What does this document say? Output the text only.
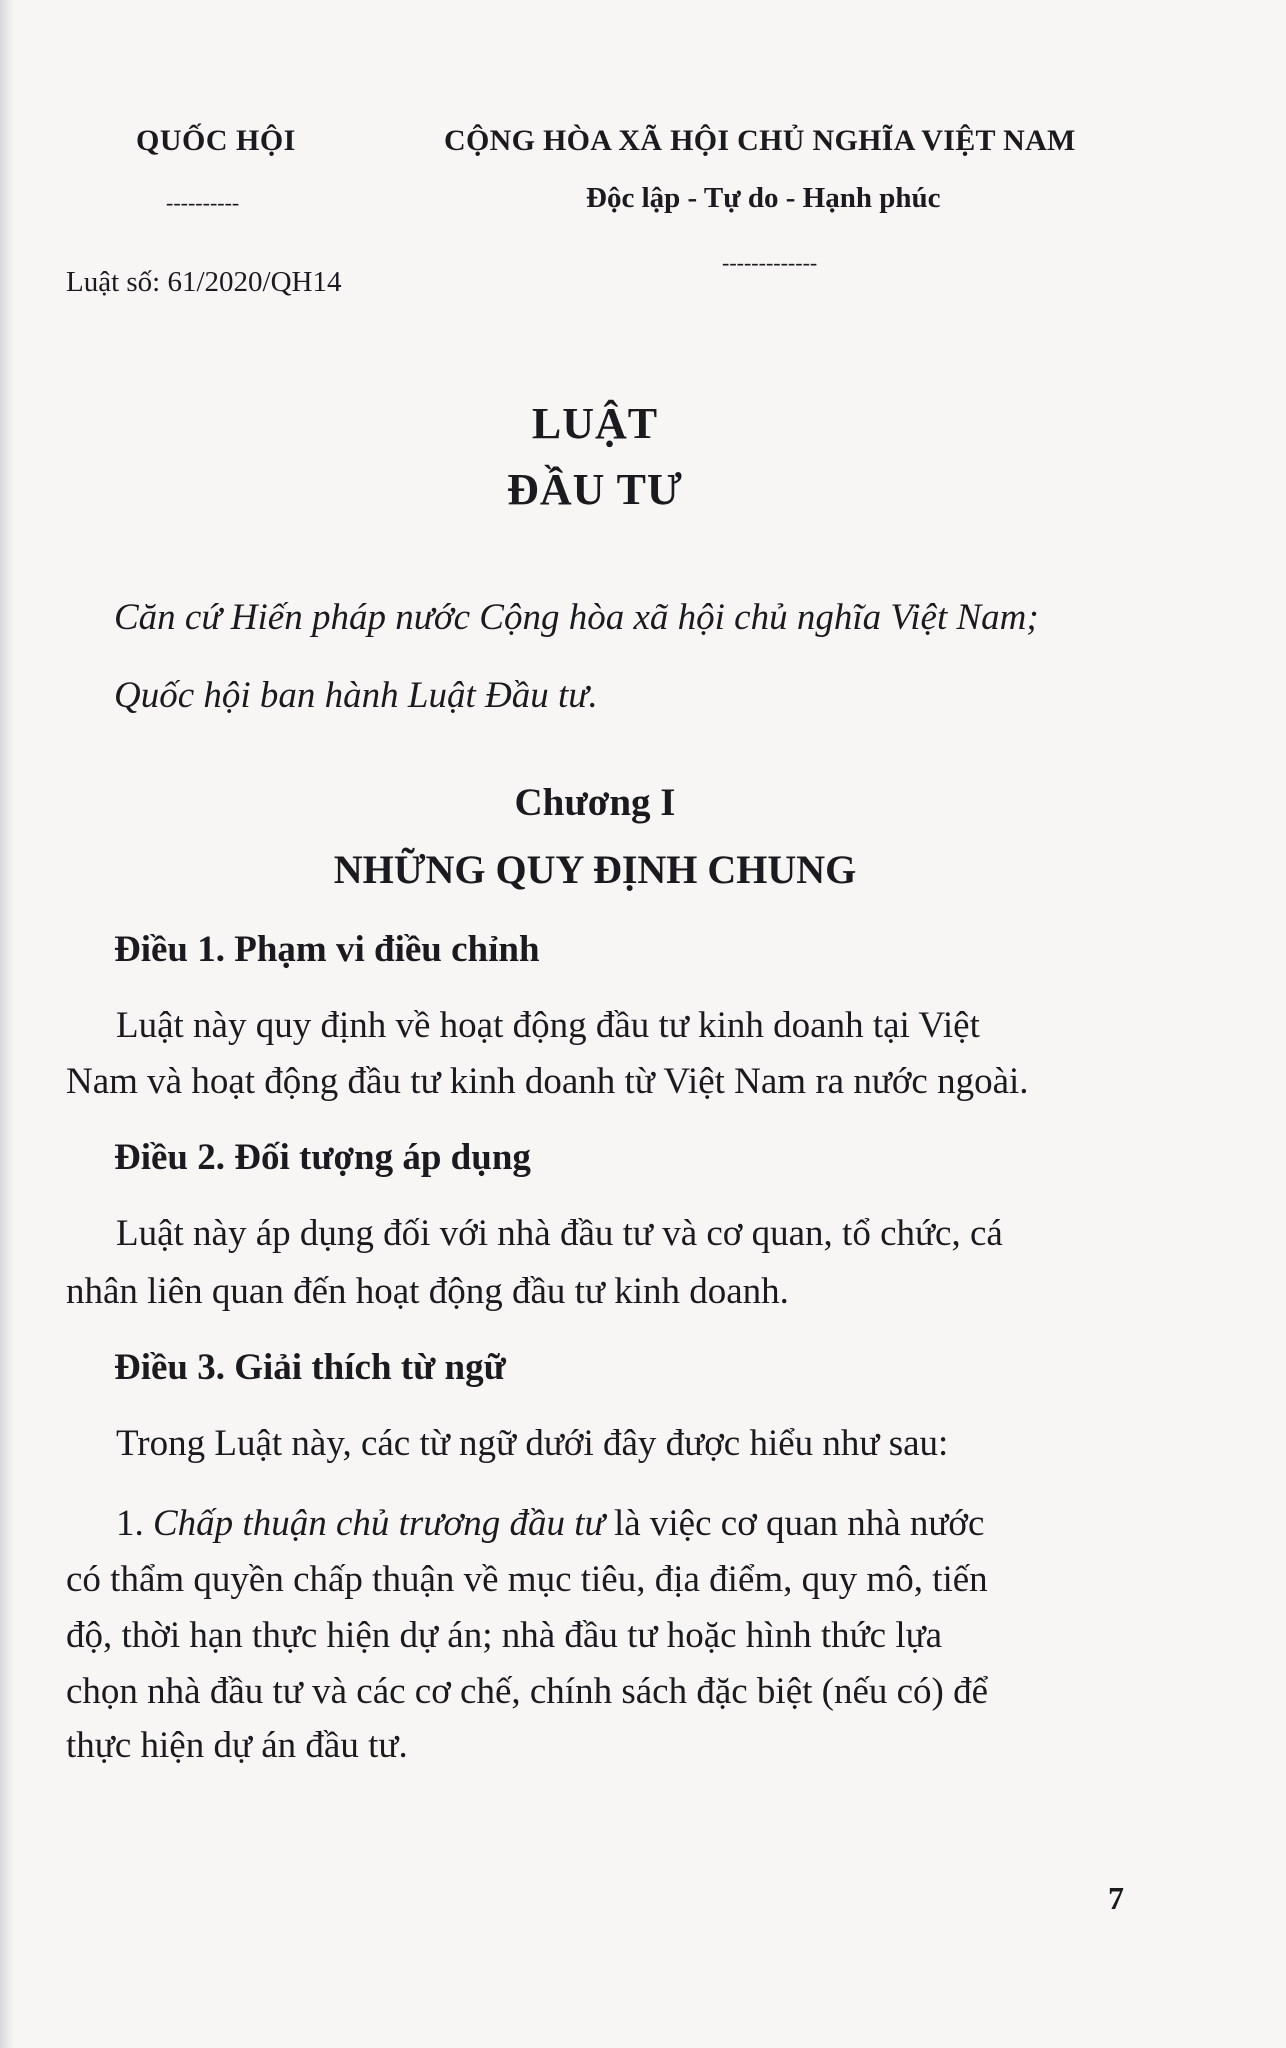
QUỐC HỘI
----------
CỘNG HÒA XÃ HỘI CHỦ NGHĨA VIỆT NAM
Độc lập - Tự do - Hạnh phúc
-------------
Luật số: 61/2020/QH14
LUẬT
ĐẦU TƯ
Căn cứ Hiến pháp nước Cộng hòa xã hội chủ nghĩa Việt Nam;
Quốc hội ban hành Luật Đầu tư.
Chương I
NHỮNG QUY ĐỊNH CHUNG
Điều 1. Phạm vi điều chỉnh
Luật này quy định về hoạt động đầu tư kinh doanh tại Việt
Nam và hoạt động đầu tư kinh doanh từ Việt Nam ra nước ngoài.
Điều 2. Đối tượng áp dụng
Luật này áp dụng đối với nhà đầu tư và cơ quan, tổ chức, cá
nhân liên quan đến hoạt động đầu tư kinh doanh.
Điều 3. Giải thích từ ngữ
Trong Luật này, các từ ngữ dưới đây được hiểu như sau:
1. Chấp thuận chủ trương đầu tư là việc cơ quan nhà nước
có thẩm quyền chấp thuận về mục tiêu, địa điểm, quy mô, tiến
độ, thời hạn thực hiện dự án; nhà đầu tư hoặc hình thức lựa
chọn nhà đầu tư và các cơ chế, chính sách đặc biệt (nếu có) để
thực hiện dự án đầu tư.
7
